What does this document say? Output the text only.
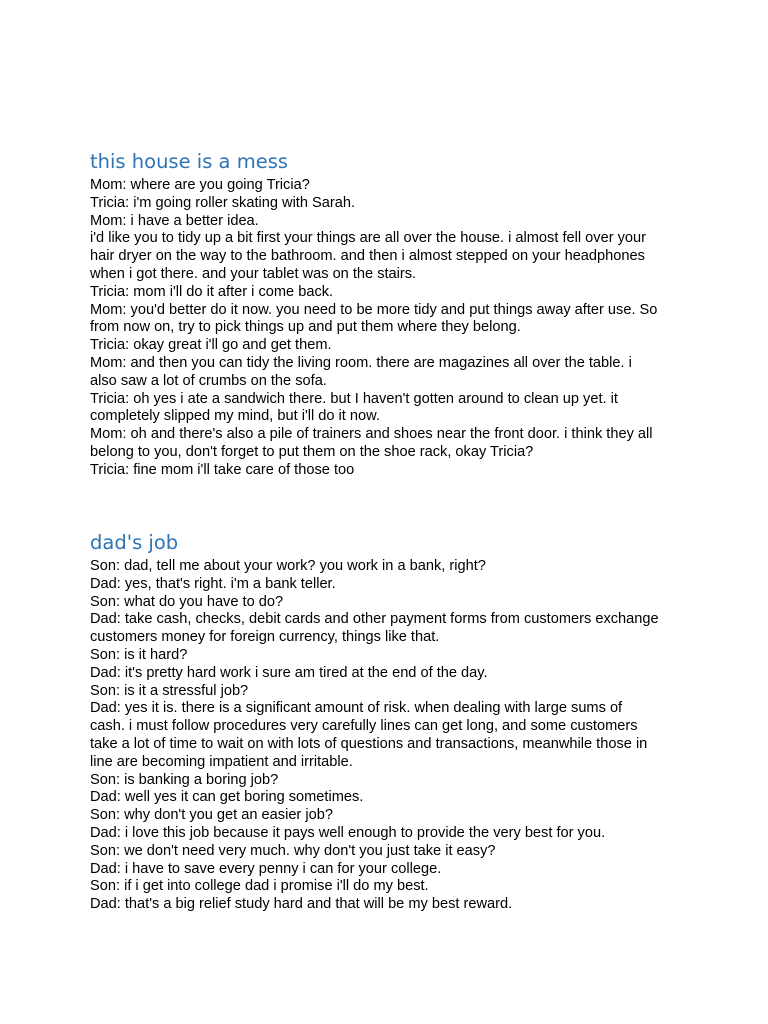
this house is a mess
Mom: where are you going Tricia?
Tricia: i'm going roller skating with Sarah.
Mom: i have a better idea.
i'd like you to tidy up a bit first your things are all over the house. i almost fell over your
hair dryer on the way to the bathroom. and then i almost stepped on your headphones
when i got there. and your tablet was on the stairs.
Tricia: mom i'll do it after i come back.
Mom: you'd better do it now. you need to be more tidy and put things away after use. So
from now on, try to pick things up and put them where they belong.
Tricia: okay great i'll go and get them.
Mom: and then you can tidy the living room. there are magazines all over the table. i
also saw a lot of crumbs on the sofa.
Tricia: oh yes i ate a sandwich there. but I haven't gotten around to clean up yet. it
completely slipped my mind, but i'll do it now.
Mom: oh and there's also a pile of trainers and shoes near the front door. i think they all
belong to you, don't forget to put them on the shoe rack, okay Tricia?
Tricia: fine mom i'll take care of those too
dad's job
Son: dad, tell me about your work? you work in a bank, right?
Dad: yes, that's right. i'm a bank teller.
Son: what do you have to do?
Dad: take cash, checks, debit cards and other payment forms from customers exchange
customers money for foreign currency, things like that.
Son: is it hard?
Dad: it's pretty hard work i sure am tired at the end of the day.
Son: is it a stressful job?
Dad: yes it is. there is a significant amount of risk. when dealing with large sums of
cash. i must follow procedures very carefully lines can get long, and some customers
take a lot of time to wait on with lots of questions and transactions, meanwhile those in
line are becoming impatient and irritable.
Son: is banking a boring job?
Dad: well yes it can get boring sometimes.
Son: why don't you get an easier job?
Dad: i love this job because it pays well enough to provide the very best for you.
Son: we don't need very much. why don't you just take it easy?
Dad: i have to save every penny i can for your college.
Son: if i get into college dad i promise i'll do my best.
Dad: that's a big relief study hard and that will be my best reward.
